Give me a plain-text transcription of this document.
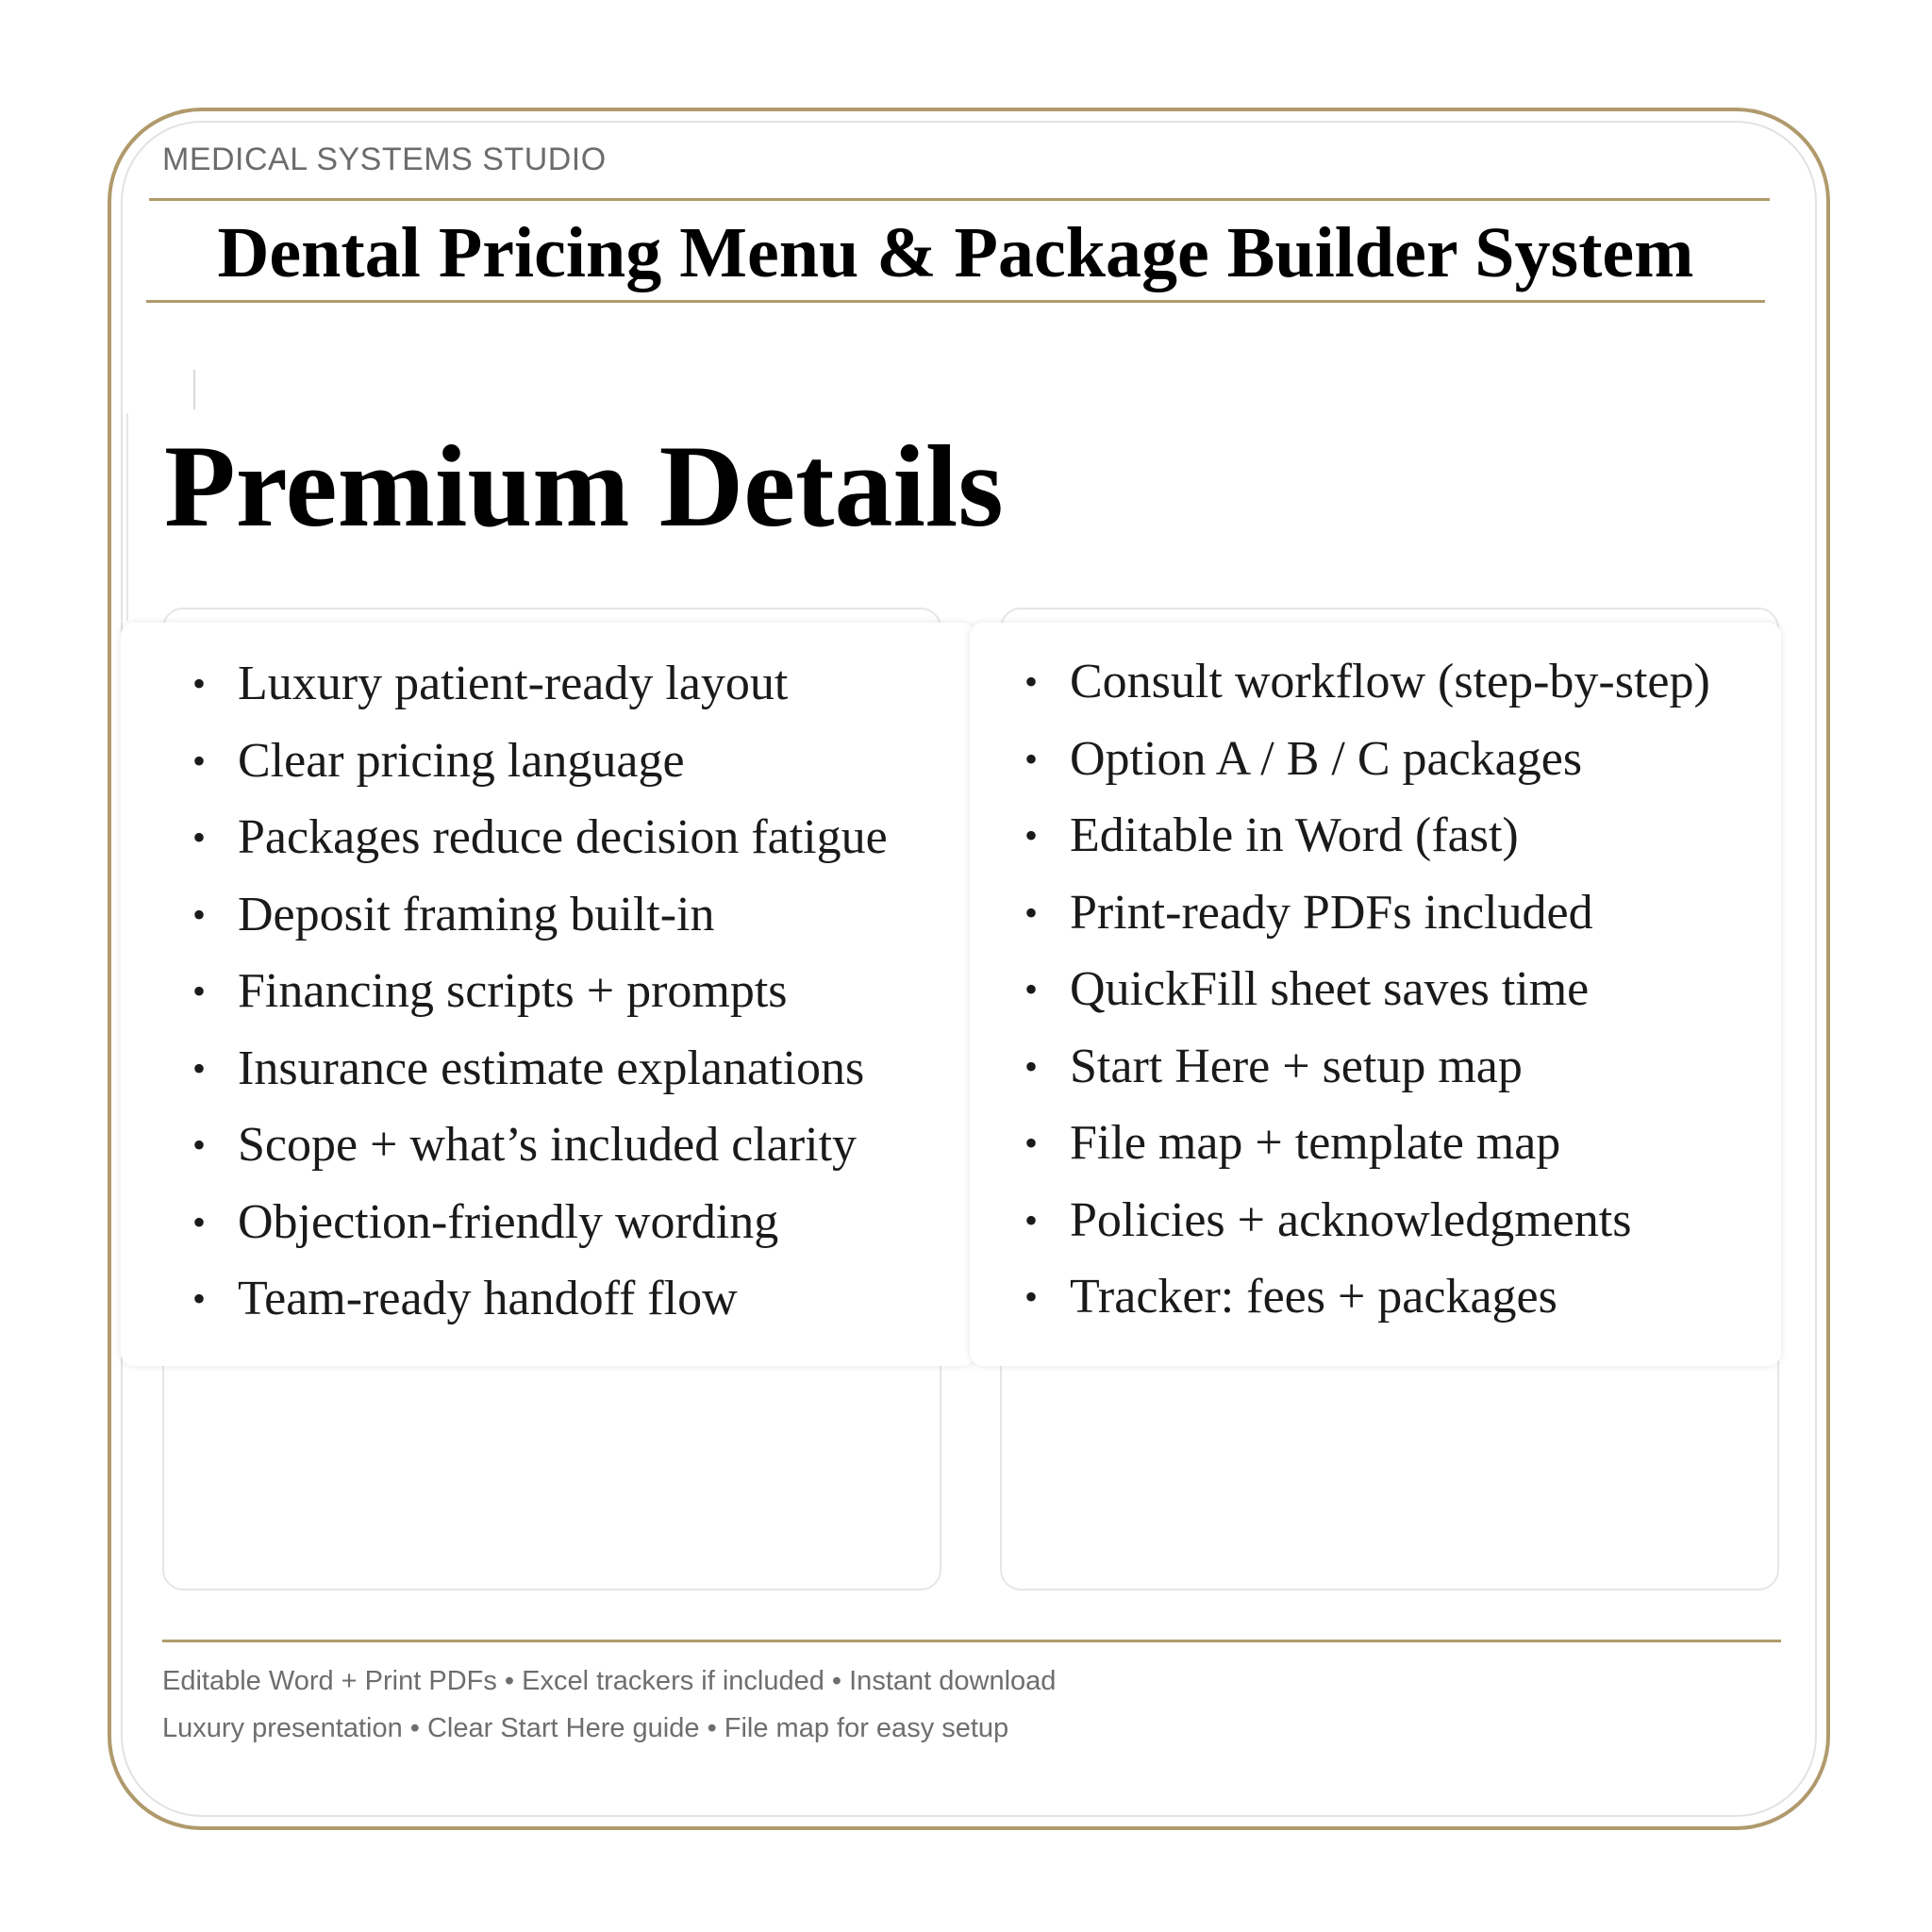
MEDICAL SYSTEMS STUDIO
Dental Pricing Menu & Package Builder System
Premium Details
• Luxury patient-ready layout
• Clear pricing language
• Packages reduce decision fatigue
• Deposit framing built-in
• Financing scripts + prompts
• Insurance estimate explanations
• Scope + what’s included clarity
• Objection-friendly wording
• Team-ready handoff flow
• Consult workflow (step-by-step)
• Option A / B / C packages
• Editable in Word (fast)
• Print-ready PDFs included
• QuickFill sheet saves time
• Start Here + setup map
• File map + template map
• Policies + acknowledgments
• Tracker: fees + packages
Editable Word + Print PDFs • Excel trackers if included • Instant download
Luxury presentation • Clear Start Here guide • File map for easy setup
